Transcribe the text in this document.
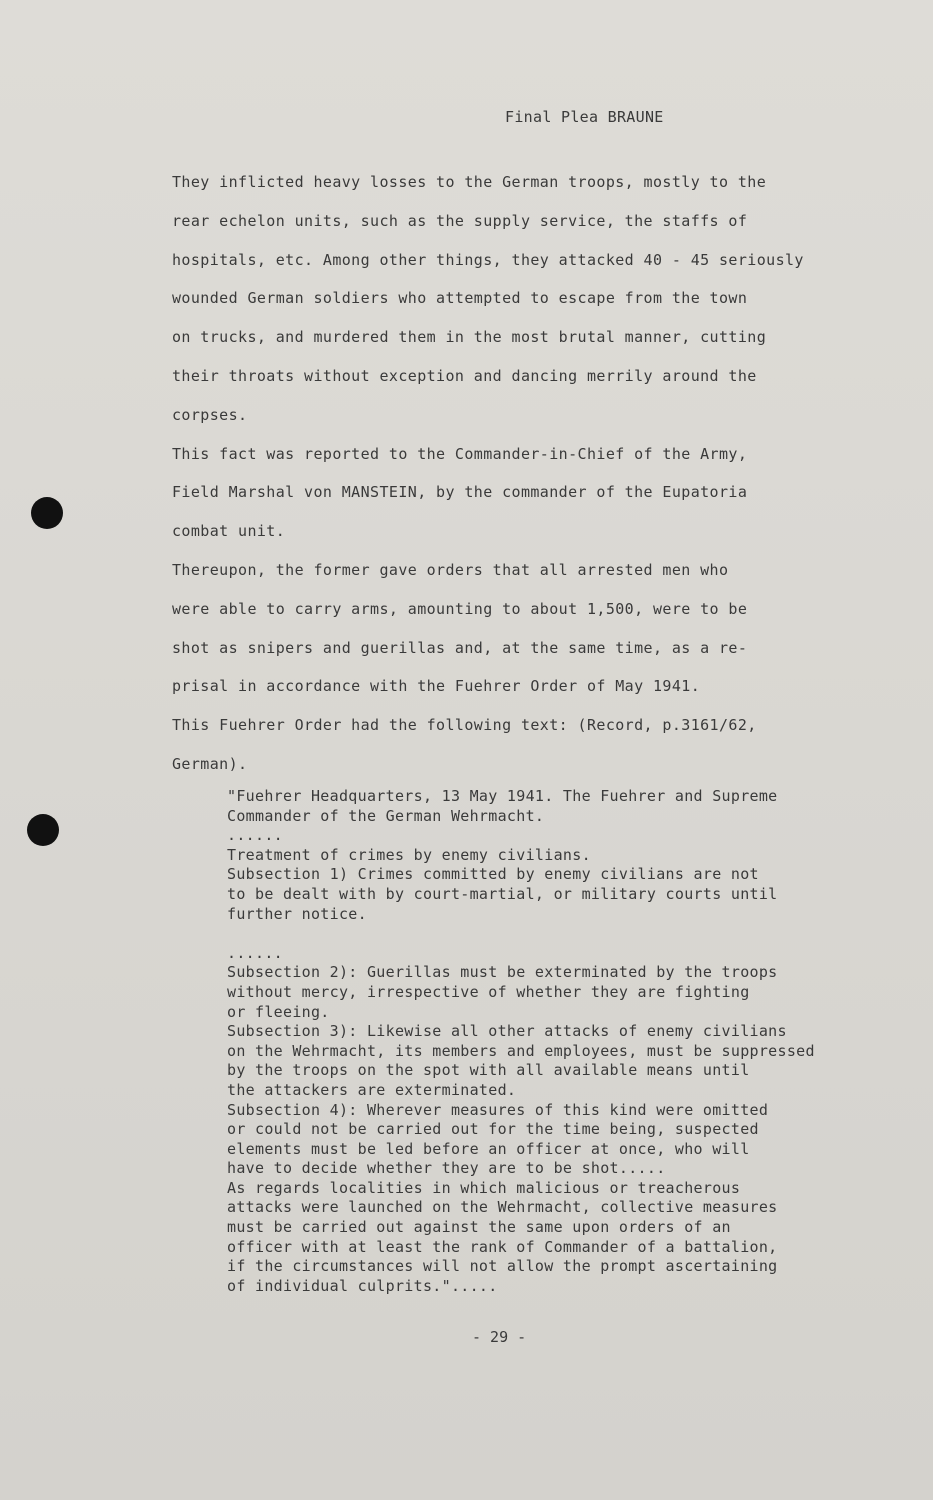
Final Plea BRAUNE
They inflicted heavy losses to the German troops, mostly to the
rear echelon units, such as the supply service, the staffs of
hospitals, etc. Among other things, they attacked 40 - 45 seriously
wounded German soldiers who attempted to escape from the town
on trucks, and murdered them in the most brutal manner, cutting
their throats without exception and dancing merrily around the
corpses.
This fact was reported to the Commander-in-Chief of the Army,
Field Marshal von MANSTEIN, by the commander of the Eupatoria
combat unit.
Thereupon, the former gave orders that all arrested men who
were able to carry arms, amounting to about 1,500, were to be
shot as snipers and guerillas and, at the same time, as a re-
prisal in accordance with the Fuehrer Order of May 1941.
This Fuehrer Order had the following text: (Record, p.3161/62,
German).
"Fuehrer Headquarters, 13 May 1941. The Fuehrer and Supreme
Commander of the German Wehrmacht.
......
Treatment of crimes by enemy civilians.
Subsection 1) Crimes committed by enemy civilians are not
to be dealt with by court-martial, or military courts until
further notice.
......
Subsection 2): Guerillas must be exterminated by the troops
without mercy, irrespective of whether they are fighting
or fleeing.
Subsection 3): Likewise all other attacks of enemy civilians
on the Wehrmacht, its members and employees, must be suppressed
by the troops on the spot with all available means until
the attackers are exterminated.
Subsection 4): Wherever measures of this kind were omitted
or could not be carried out for the time being, suspected
elements must be led before an officer at once, who will
have to decide whether they are to be shot.....
As regards localities in which malicious or treacherous
attacks were launched on the Wehrmacht, collective measures
must be carried out against the same upon orders of an
officer with at least the rank of Commander of a battalion,
if the circumstances will not allow the prompt ascertaining
of individual culprits.".....
- 29 -
